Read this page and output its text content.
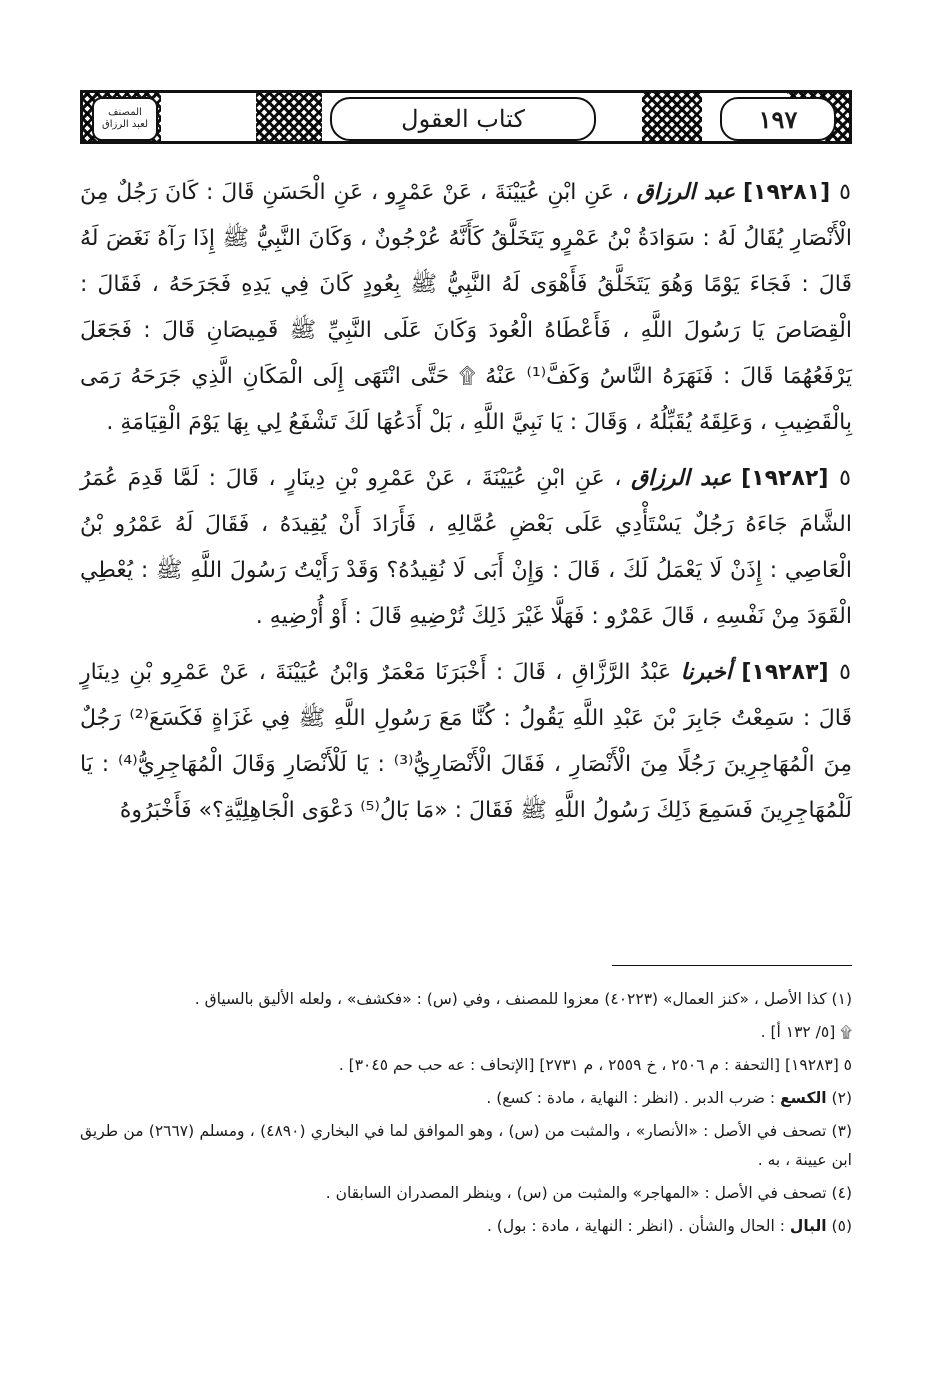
المصنف
لعبد الرزاق	كتاب العقول	١٩٧

٥ [١٩٢٨١] عبد الرزاق ، عَنِ ابْنِ عُيَيْنَةَ ، عَنْ عَمْرٍو ، عَنِ الْحَسَنِ قَالَ : كَانَ رَجُلٌ مِنَ الْأَنْصَارِ يُقَالُ لَهُ : سَوَادَةُ بْنُ عَمْرٍو يَتَخَلَّقُ كَأَنَّهُ عُرْجُونٌ ، وَكَانَ النَّبِيُّ ﷺ إِذَا رَآهُ نَغَضَ لَهُ قَالَ : فَجَاءَ يَوْمًا وَهُوَ يَتَخَلَّقُ فَأَهْوَى لَهُ النَّبِيُّ ﷺ بِعُودٍ كَانَ فِي يَدِهِ فَجَرَحَهُ ، فَقَالَ : الْقِصَاصَ يَا رَسُولَ اللَّهِ ، فَأَعْطَاهُ الْعُودَ وَكَانَ عَلَى النَّبِيِّ ﷺ قَمِيصَانِ قَالَ : فَجَعَلَ يَرْفَعُهُمَا قَالَ : فَنَهَرَهُ النَّاسُ وَكَفَّ⁽¹⁾ عَنْهُ ۩ حَتَّى انْتَهَى إِلَى الْمَكَانِ الَّذِي جَرَحَهُ رَمَى بِالْقَضِيبِ ، وَعَلِقَهُ يُقَبِّلُهُ ، وَقَالَ : يَا نَبِيَّ اللَّهِ ، بَلْ أَدَعُهَا لَكَ تَشْفَعُ لِي بِهَا يَوْمَ الْقِيَامَةِ .

٥ [١٩٢٨٢] عبد الرزاق ، عَنِ ابْنِ عُيَيْنَةَ ، عَنْ عَمْرِو بْنِ دِينَارٍ ، قَالَ : لَمَّا قَدِمَ عُمَرُ الشَّامَ جَاءَهُ رَجُلٌ يَسْتَأْدِي عَلَى بَعْضِ عُمَّالِهِ ، فَأَرَادَ أَنْ يُقِيدَهُ ، فَقَالَ لَهُ عَمْرُو بْنُ الْعَاصِي : إِذَنْ لَا يَعْمَلُ لَكَ ، قَالَ : وَإِنْ أَبَى لَا نُقِيدُهُ؟ وَقَدْ رَأَيْتُ رَسُولَ اللَّهِ ﷺ : يُعْطِي الْقَوَدَ مِنْ نَفْسِهِ ، قَالَ عَمْرٌو : فَهَلَّا غَيْرَ ذَلِكَ تُرْضِيهِ قَالَ : أَوْ أُرْضِيهِ .

٥ [١٩٢٨٣] أخبرنا عَبْدُ الرَّزَّاقِ ، قَالَ : أَخْبَرَنَا مَعْمَرٌ وَابْنُ عُيَيْنَةَ ، عَنْ عَمْرِو بْنِ دِينَارٍ قَالَ : سَمِعْتُ جَابِرَ بْنَ عَبْدِ اللَّهِ يَقُولُ : كُنَّا مَعَ رَسُولِ اللَّهِ ﷺ فِي غَزَاةٍ فَكَسَعَ⁽²⁾ رَجُلٌ مِنَ الْمُهَاجِرِينَ رَجُلًا مِنَ الْأَنْصَارِ ، فَقَالَ الْأَنْصَارِيُّ⁽³⁾ : يَا لَلْأَنْصَارِ وَقَالَ الْمُهَاجِرِيُّ⁽⁴⁾ : يَا لَلْمُهَاجِرِينَ فَسَمِعَ ذَلِكَ رَسُولُ اللَّهِ ﷺ فَقَالَ : «مَا بَالُ⁽⁵⁾ دَعْوَى الْجَاهِلِيَّةِ؟» فَأَخْبَرُوهُ

(١) كذا الأصل ، «كنز العمال» (٤٠٢٢٣) معزوا للمصنف ، وفي (س) : «فكشف» ، ولعله الأليق بالسياق .

۩ [٥/ ١٣٢ أ] .

٥ [١٩٢٨٣] [التحفة : م ٢٥٠٦ ، خ ٢٥٥٩ ، م ٢٧٣١] [الإتحاف : عه حب حم ٣٠٤٥] .

(٢) الكسع : ضرب الدبر . (انظر : النهاية ، مادة : كسع) .

(٣) تصحف في الأصل : «الأنصار» ، والمثبت من (س) ، وهو الموافق لما في البخاري (٤٨٩٠) ، ومسلم (٢٦٦٧) من طريق ابن عيينة ، به .

(٤) تصحف في الأصل : «المهاجر» والمثبت من (س) ، وينظر المصدران السابقان .

(٥) البال : الحال والشأن . (انظر : النهاية ، مادة : بول) .
